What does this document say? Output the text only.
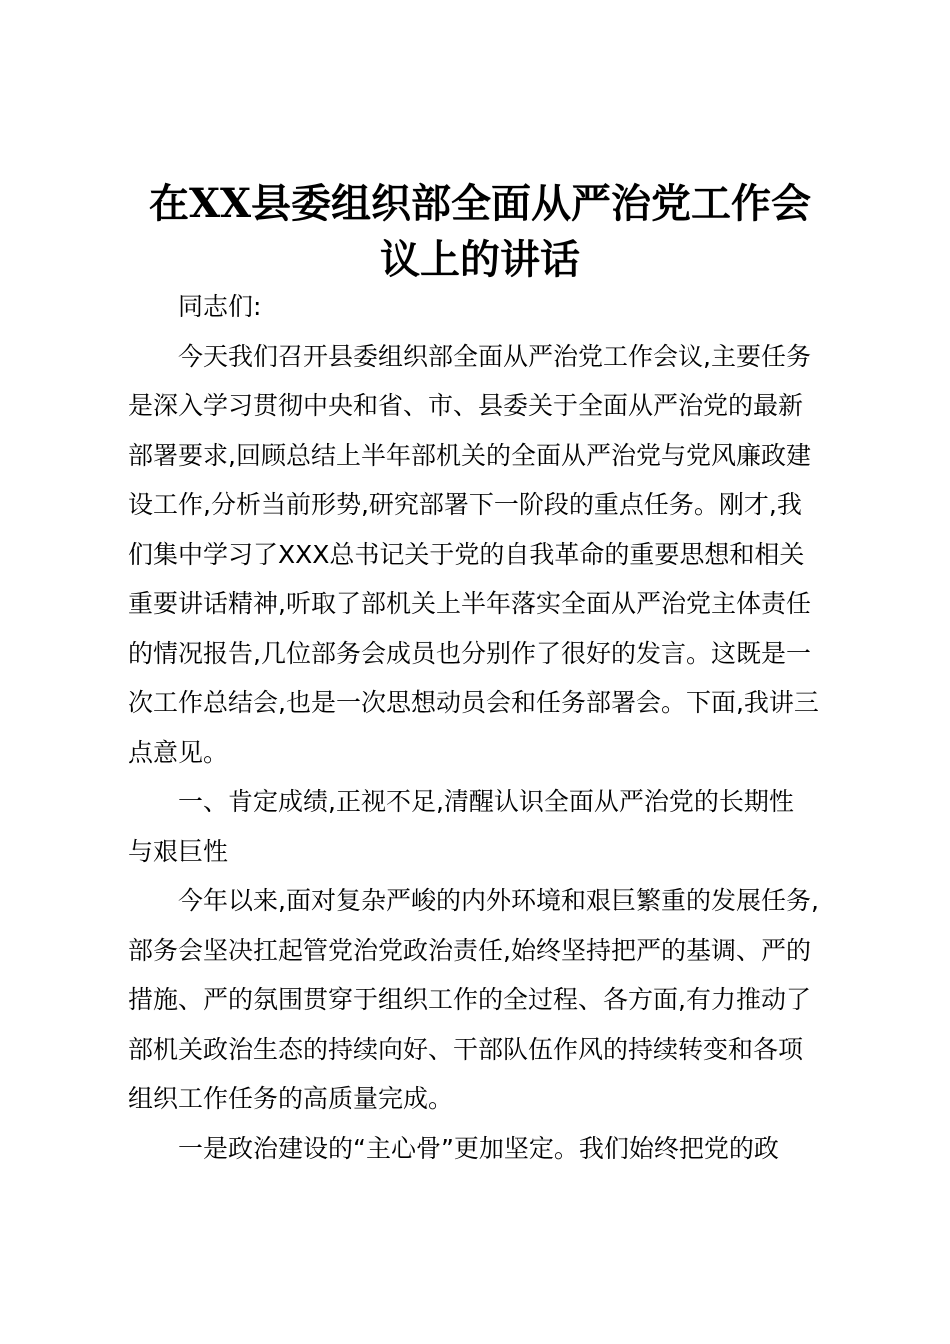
在XX县委组织部全面从严治党工作会
议上的讲话

同志们:

今天我们召开县委组织部全面从严治党工作会议,主要任务
是深入学习贯彻中央和省、市、县委关于全面从严治党的最新
部署要求,回顾总结上半年部机关的全面从严治党与党风廉政建
设工作,分析当前形势,研究部署下一阶段的重点任务。刚才,我
们集中学习了XXX总书记关于党的自我革命的重要思想和相关
重要讲话精神,听取了部机关上半年落实全面从严治党主体责任
的情况报告,几位部务会成员也分别作了很好的发言。这既是一
次工作总结会,也是一次思想动员会和任务部署会。下面,我讲三
点意见。

一、肯定成绩,正视不足,清醒认识全面从严治党的长期性
与艰巨性

今年以来,面对复杂严峻的内外环境和艰巨繁重的发展任务,
部务会坚决扛起管党治党政治责任,始终坚持把严的基调、严的
措施、严的氛围贯穿于组织工作的全过程、各方面,有力推动了
部机关政治生态的持续向好、干部队伍作风的持续转变和各项
组织工作任务的高质量完成。

一是政治建设的“主心骨”更加坚定。我们始终把党的政
